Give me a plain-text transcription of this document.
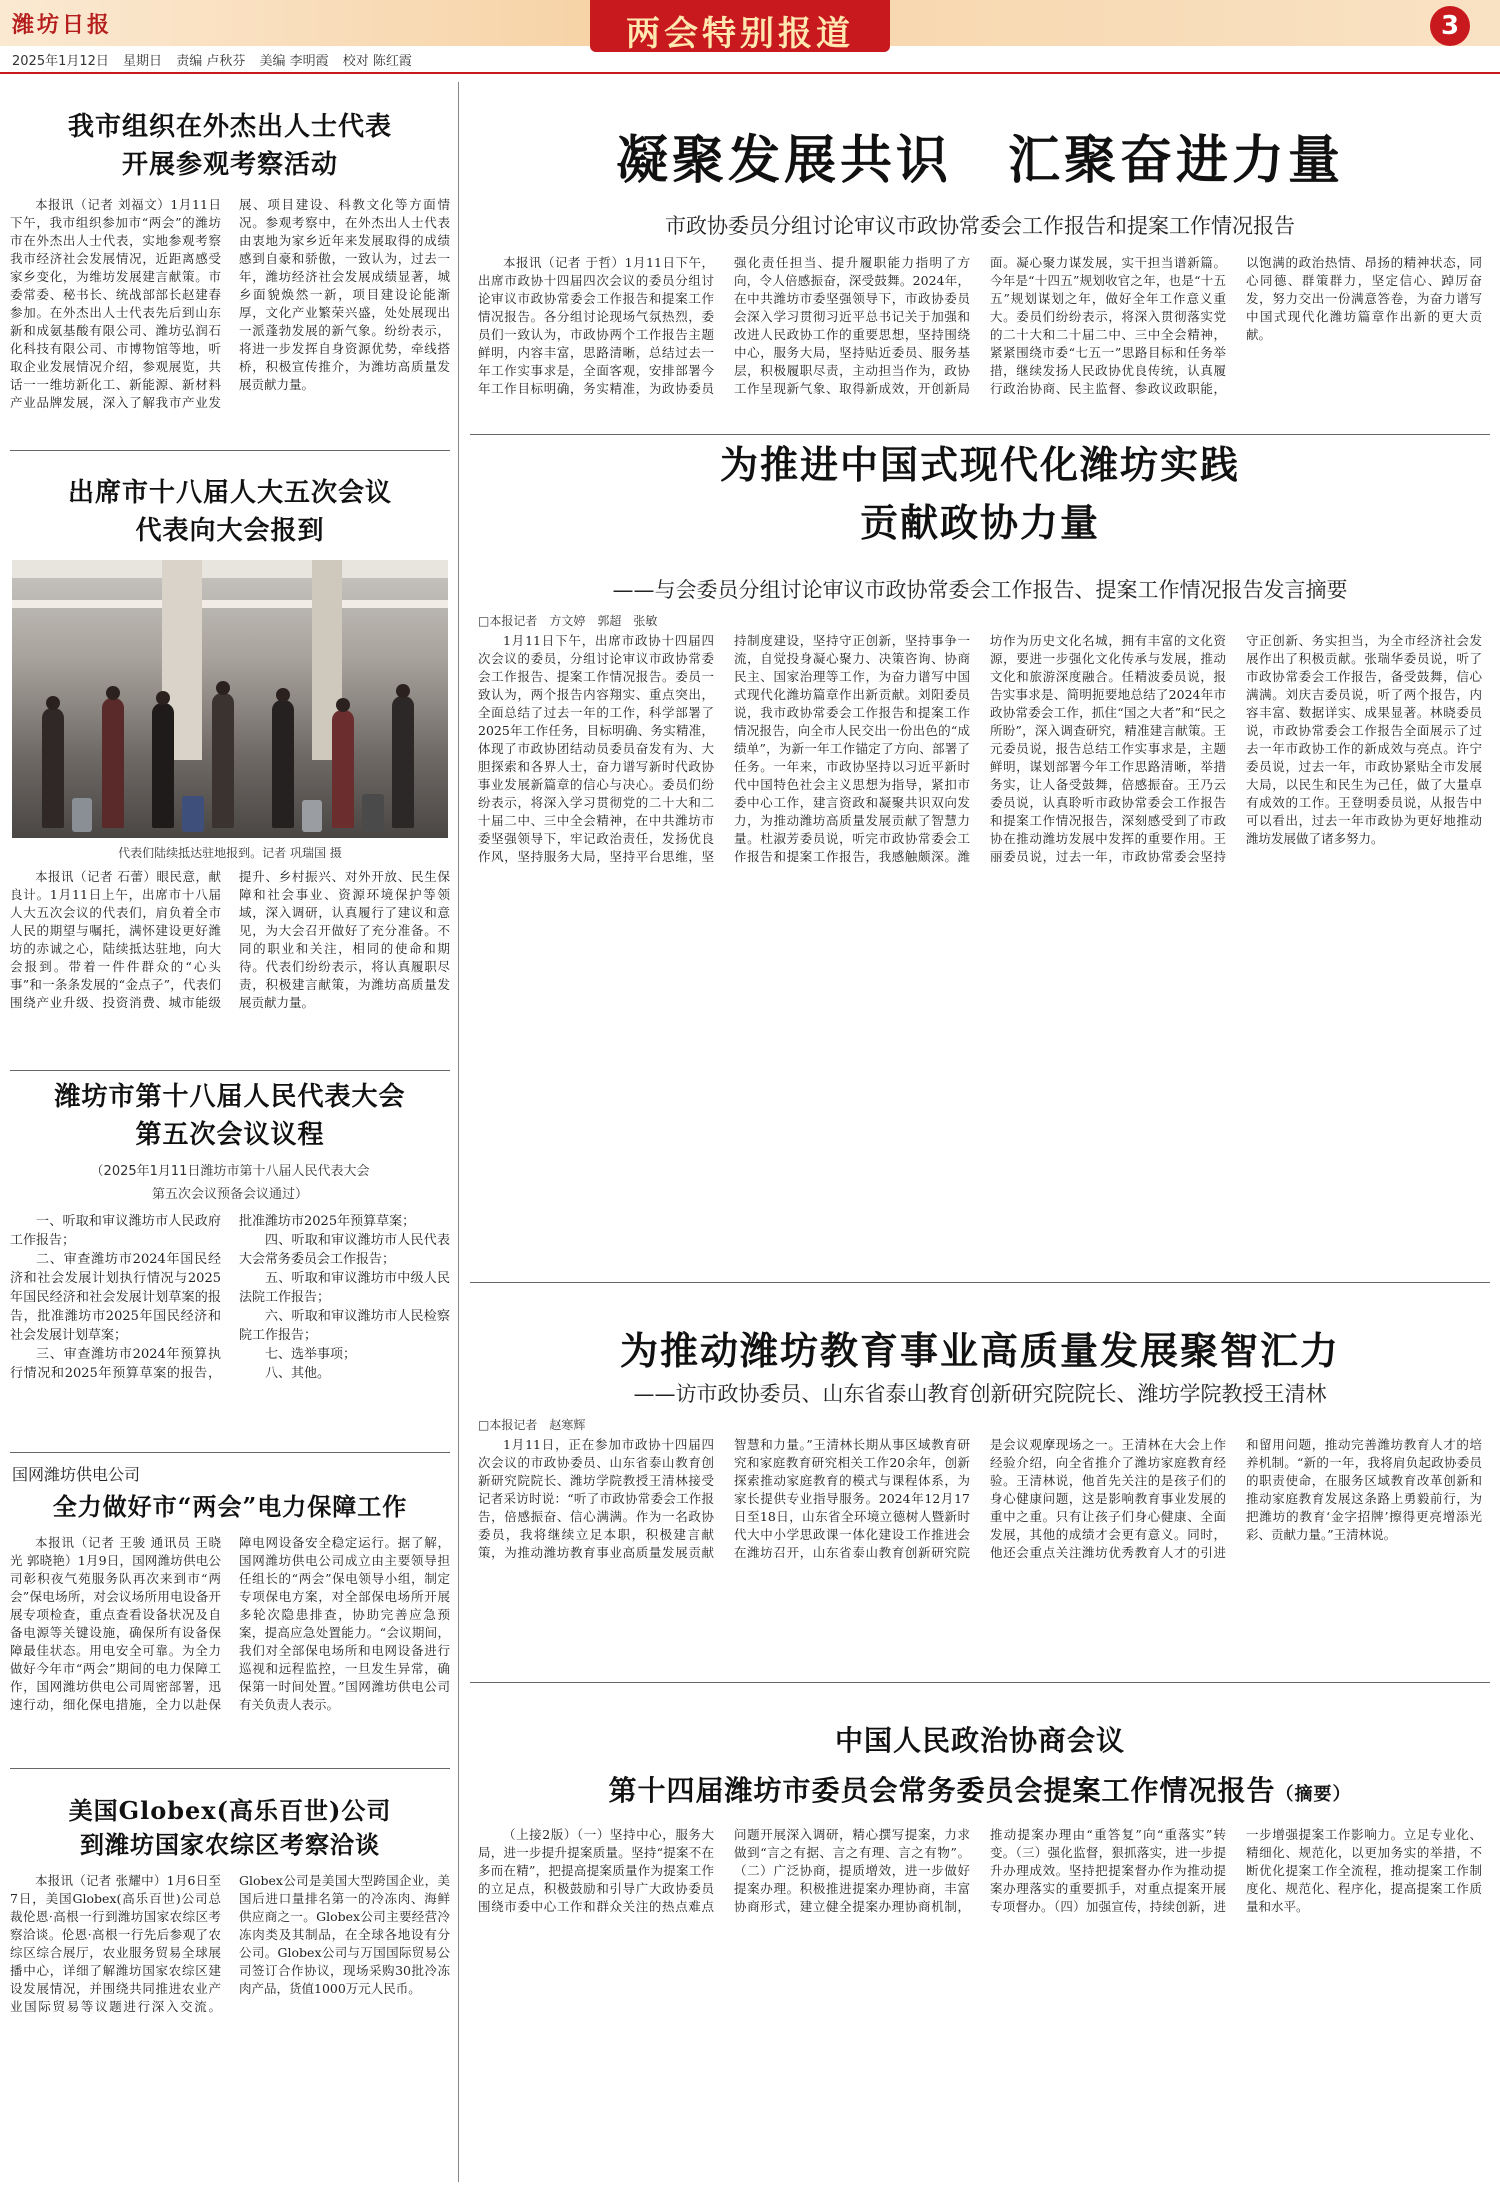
潍坊日报
2025年1月12日 星期日 责编 卢秋芬 美编 李明霞 校对 陈红霞
两会特别报道	3
我市组织在外杰出人士代表
开展参观考察活动
本报讯（记者 刘福文）1月11日下午，我市组织参加市“两会”的潍坊市在外杰出人士代表，实地参观考察我市经济社会发展情况，近距离感受家乡变化，为维坊发展建言献策。市委常委、秘书长、统战部部长赵建春参加。在外杰出人士代表先后到山东新和成氨基酸有限公司、潍坊弘润石化科技有限公司、市博物馆等地，听取企业发展情况介绍，参观展览，共话一一维坊新化工、新能源、新材料产业品牌发展，深入了解我市产业发展、项目建设、科教文化等方面情况。参观考察中，在外杰出人士代表由衷地为家乡近年来发展取得的成绩感到自豪和骄傲，一致认为，过去一年，潍坊经济社会发展成绩显著，城乡面貌焕然一新，项目建设论能渐厚，文化产业繁荣兴盛，处处展现出一派蓬勃发展的新气象。纷纷表示，将进一步发挥自身资源优势，牵线搭桥，积极宣传推介，为潍坊高质量发展贡献力量。
出席市十八届人大五次会议
代表向大会报到
代表们陆续抵达驻地报到。记者 巩瑞国 摄
本报讯（记者 石蕾）眼民意，献良计。1月11日上午，出席市十八届人大五次会议的代表们，肩负着全市人民的期望与嘱托，满怀建设更好潍坊的赤诚之心，陆续抵达驻地，向大会报到。带着一件件群众的“心头事”和一条条发展的“金点子”，代表们围绕产业升级、投资消费、城市能级提升、乡村振兴、对外开放、民生保障和社会事业、资源环境保护等领域，深入调研，认真履行了建议和意见，为大会召开做好了充分准备。不同的职业和关注，相同的使命和期待。代表们纷纷表示，将认真履职尽责，积极建言献策，为潍坊高质量发展贡献力量。
潍坊市第十八届人民代表大会
第五次会议议程
（2025年1月11日潍坊市第十八届人民代表大会
第五次会议预备会议通过）

一、听取和审议潍坊市人民政府工作报告；

二、审查潍坊市2024年国民经济和社会发展计划执行情况与2025年国民经济和社会发展计划草案的报告，批准潍坊市2025年国民经济和社会发展计划草案；

三、审查潍坊市2024年预算执行情况和2025年预算草案的报告，批准潍坊市2025年预算草案；

四、听取和审议潍坊市人民代表大会常务委员会工作报告；

五、听取和审议潍坊市中级人民法院工作报告；

六、听取和审议潍坊市人民检察院工作报告；

七、选举事项；

八、其他。

国网潍坊供电公司
全力做好市“两会”电力保障工作
本报讯（记者 王骏 通讯员 王晓光 郭晓艳）1月9日，国网潍坊供电公司彰积夜气苑服务队再次来到市“两会”保电场所，对会议场所用电设备开展专项检查，重点查看设备状况及自备电源等关键设施，确保所有设备保障最佳状态。用电安全可靠。为全力做好今年市“两会”期间的电力保障工作，国网潍坊供电公司周密部署，迅速行动，细化保电措施，全力以赴保障电网设备安全稳定运行。据了解，国网潍坊供电公司成立由主要领导担任组长的“两会”保电领导小组，制定专项保电方案，对全部保电场所开展多轮次隐患排查，协助完善应急预案，提高应急处置能力。“会议期间，我们对全部保电场所和电网设备进行巡视和远程监控，一旦发生异常，确保第一时间处置。”国网潍坊供电公司有关负责人表示。
美国Globex(高乐百世)公司
到潍坊国家农综区考察洽谈
本报讯（记者 张耀中）1月6日至7日，美国Globex(高乐百世)公司总裁伦恩·高根一行到潍坊国家农综区考察洽谈。伦恩·高根一行先后参观了农综区综合展厅，农业服务贸易全球展播中心，详细了解潍坊国家农综区建设发展情况，并围绕共同推进农业产业国际贸易等议题进行深入交流。Globex公司是美国大型跨国企业，美国后进口量排名第一的冷冻肉、海鲜供应商之一。Globex公司主要经营冷冻肉类及其制品，在全球各地设有分公司。Globex公司与万国国际贸易公司签订合作协议，现场采购30批冷冻肉产品，货值1000万元人民币。
凝聚发展共识　汇聚奋进力量
市政协委员分组讨论审议市政协常委会工作报告和提案工作情况报告
本报讯（记者 于哲）1月11日下午，出席市政协十四届四次会议的委员分组讨论审议市政协常委会工作报告和提案工作情况报告。各分组讨论现场气氛热烈，委员们一致认为，市政协两个工作报告主题鲜明，内容丰富，思路清晰，总结过去一年工作实事求是，全面客观，安排部署今年工作目标明确，务实精准，为政协委员强化责任担当、提升履职能力指明了方向，令人倍感振奋，深受鼓舞。2024年，在中共潍坊市委坚强领导下，市政协委员会深入学习贯彻习近平总书记关于加强和改进人民政协工作的重要思想，坚持围绕中心，服务大局，坚持贴近委员、服务基层，积极履职尽责，主动担当作为，政协工作呈现新气象、取得新成效，开创新局面。凝心聚力谋发展，实干担当谱新篇。今年是“十四五”规划收官之年，也是“十五五”规划谋划之年，做好全年工作意义重大。委员们纷纷表示，将深入贯彻落实党的二十大和二十届二中、三中全会精神，紧紧围绕市委“七五一”思路目标和任务举措，继续发扬人民政协优良传统，认真履行政治协商、民主监督、参政议政职能，以饱满的政治热情、昂扬的精神状态，同心同德、群策群力，坚定信心、踔厉奋发，努力交出一份满意答卷，为奋力谱写中国式现代化潍坊篇章作出新的更大贡献。
为推进中国式现代化潍坊实践
贡献政协力量
——与会委员分组讨论审议市政协常委会工作报告、提案工作情况报告发言摘要
□本报记者　方文婷　郭超　张敏
1月11日下午，出席市政协十四届四次会议的委员，分组讨论审议市政协常委会工作报告、提案工作情况报告。委员一致认为，两个报告内容翔实、重点突出，全面总结了过去一年的工作，科学部署了2025年工作任务，目标明确、务实精准，体现了市政协团结动员委员奋发有为、大胆探索和各界人士，奋力谱写新时代政协事业发展新篇章的信心与决心。委员们纷纷表示，将深入学习贯彻党的二十大和二十届二中、三中全会精神，在中共潍坊市委坚强领导下，牢记政治责任，发扬优良作风，坚持服务大局，坚持平台思维，坚持制度建设，坚持守正创新，坚持事争一流，自觉投身凝心聚力、决策咨询、协商民主、国家治理等工作，为奋力谱写中国式现代化潍坊篇章作出新贡献。刘阳委员说，我市政协常委会工作报告和提案工作情况报告，向全市人民交出一份出色的“成绩单”，为新一年工作锚定了方向、部署了任务。一年来，市政协坚持以习近平新时代中国特色社会主义思想为指导，紧扣市委中心工作，建言资政和凝聚共识双向发力，为推动潍坊高质量发展贡献了智慧力量。杜淑芳委员说，听完市政协常委会工作报告和提案工作报告，我感触颇深。潍坊作为历史文化名城，拥有丰富的文化资源，要进一步强化文化传承与发展，推动文化和旅游深度融合。任精波委员说，报告实事求是、简明扼要地总结了2024年市政协常委会工作，抓住“国之大者”和“民之所盼”，深入调查研究，精准建言献策。王元委员说，报告总结工作实事求是，主题鲜明，谋划部署今年工作思路清晰，举措务实，让人备受鼓舞，倍感振奋。王乃云委员说，认真聆听市政协常委会工作报告和提案工作情况报告，深刻感受到了市政协在推动潍坊发展中发挥的重要作用。王丽委员说，过去一年，市政协常委会坚持守正创新、务实担当，为全市经济社会发展作出了积极贡献。张瑞华委员说，听了市政协常委会工作报告，备受鼓舞，信心满满。刘庆吉委员说，听了两个报告，内容丰富、数据详实、成果显著。林晓委员说，市政协常委会工作报告全面展示了过去一年市政协工作的新成效与亮点。许宁委员说，过去一年，市政协紧贴全市发展大局，以民生和民生为己任，做了大量卓有成效的工作。王登明委员说，从报告中可以看出，过去一年市政协为更好地推动潍坊发展做了诸多努力。
为推动潍坊教育事业高质量发展聚智汇力
——访市政协委员、山东省泰山教育创新研究院院长、潍坊学院教授王清林
□本报记者　赵寒辉
1月11日，正在参加市政协十四届四次会议的市政协委员、山东省泰山教育创新研究院院长、潍坊学院教授王清林接受记者采访时说：“听了市政协常委会工作报告，倍感振奋、信心满满。作为一名政协委员，我将继续立足本职，积极建言献策，为推动潍坊教育事业高质量发展贡献智慧和力量。”王清林长期从事区域教育研究和家庭教育研究相关工作20余年，创新探索推动家庭教育的模式与课程体系，为家长提供专业指导服务。2024年12月17日至18日，山东省全环境立德树人暨新时代大中小学思政课一体化建设工作推进会在潍坊召开，山东省泰山教育创新研究院是会议观摩现场之一。王清林在大会上作经验介绍，向全省推介了潍坊家庭教育经验。王清林说，他首先关注的是孩子们的身心健康问题，这是影响教育事业发展的重中之重。只有让孩子们身心健康、全面发展，其他的成绩才会更有意义。同时，他还会重点关注潍坊优秀教育人才的引进和留用问题，推动完善潍坊教育人才的培养机制。“新的一年，我将肩负起政协委员的职责使命，在服务区域教育改革创新和推动家庭教育发展这条路上勇毅前行，为把潍坊的教育‘金字招牌’擦得更亮增添光彩、贡献力量。”王清林说。
中国人民政治协商会议
第十四届潍坊市委员会常务委员会提案工作情况报告（摘要）
（上接2版）（一）坚持中心，服务大局，进一步提升提案质量。坚持“提案不在多而在精”，把提高提案质量作为提案工作的立足点，积极鼓励和引导广大政协委员围绕市委中心工作和群众关注的热点难点问题开展深入调研，精心撰写提案，力求做到“言之有据、言之有理、言之有物”。（二）广泛协商，提质增效，进一步做好提案办理。积极推进提案办理协商，丰富协商形式，建立健全提案办理协商机制，推动提案办理由“重答复”向“重落实”转变。（三）强化监督，狠抓落实，进一步提升办理成效。坚持把提案督办作为推动提案办理落实的重要抓手，对重点提案开展专项督办。（四）加强宣传，持续创新，进一步增强提案工作影响力。立足专业化、精细化、规范化，以更加务实的举措，不断优化提案工作全流程，推动提案工作制度化、规范化、程序化，提高提案工作质量和水平。
